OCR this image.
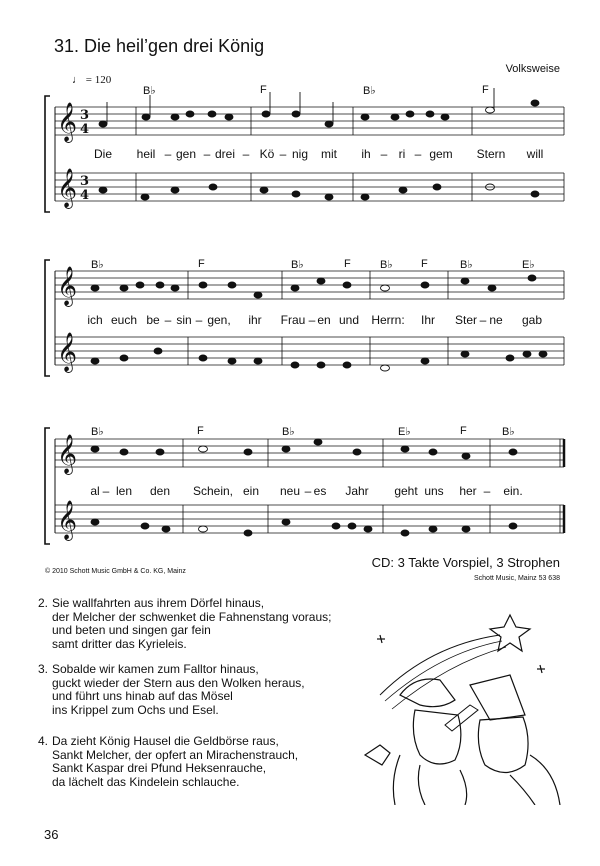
31. Die heil’gen drei König
Volksweise
♩ = 120
𝄞
𝄞
𝄞
𝄞
𝄞
𝄞
3
4
3
4
B♭	F	B♭	F
B♭	F	B♭	F	B♭	F	B♭	E♭
B♭	F	B♭	E♭	F	B♭
Die heil – gen – drei – Kö – nig mit ih – ri – gem Stern will
ich euch be – sin – gen, ihr Frau – en und Herrn: Ihr Ster – ne gab
al – len den Schein, ein neu – es Jahr geht uns her – ein.
© 2010 Schott Music GmbH & Co. KG, Mainz
CD: 3 Takte Vorspiel, 3 Strophen
Schott Music, Mainz 53 638
2. Sie wallfahrten aus ihrem Dörfel hinaus,
der Melcher der schwenket die Fahnenstang voraus;
und beten und singen gar fein
samt dritter das Kyrieleis.
3. Sobalde wir kamen zum Falltor hinaus,
guckt wieder der Stern aus den Wolken heraus,
und führt uns hinab auf das Mösel
ins Krippel zum Ochs und Esel.
4. Da zieht König Hausel die Geldbörse raus,
Sankt Melcher, der opfert an Mirachenstrauch,
Sankt Kaspar drei Pfund Heksenrauche,
da lächelt das Kindelein schlauche.
36
